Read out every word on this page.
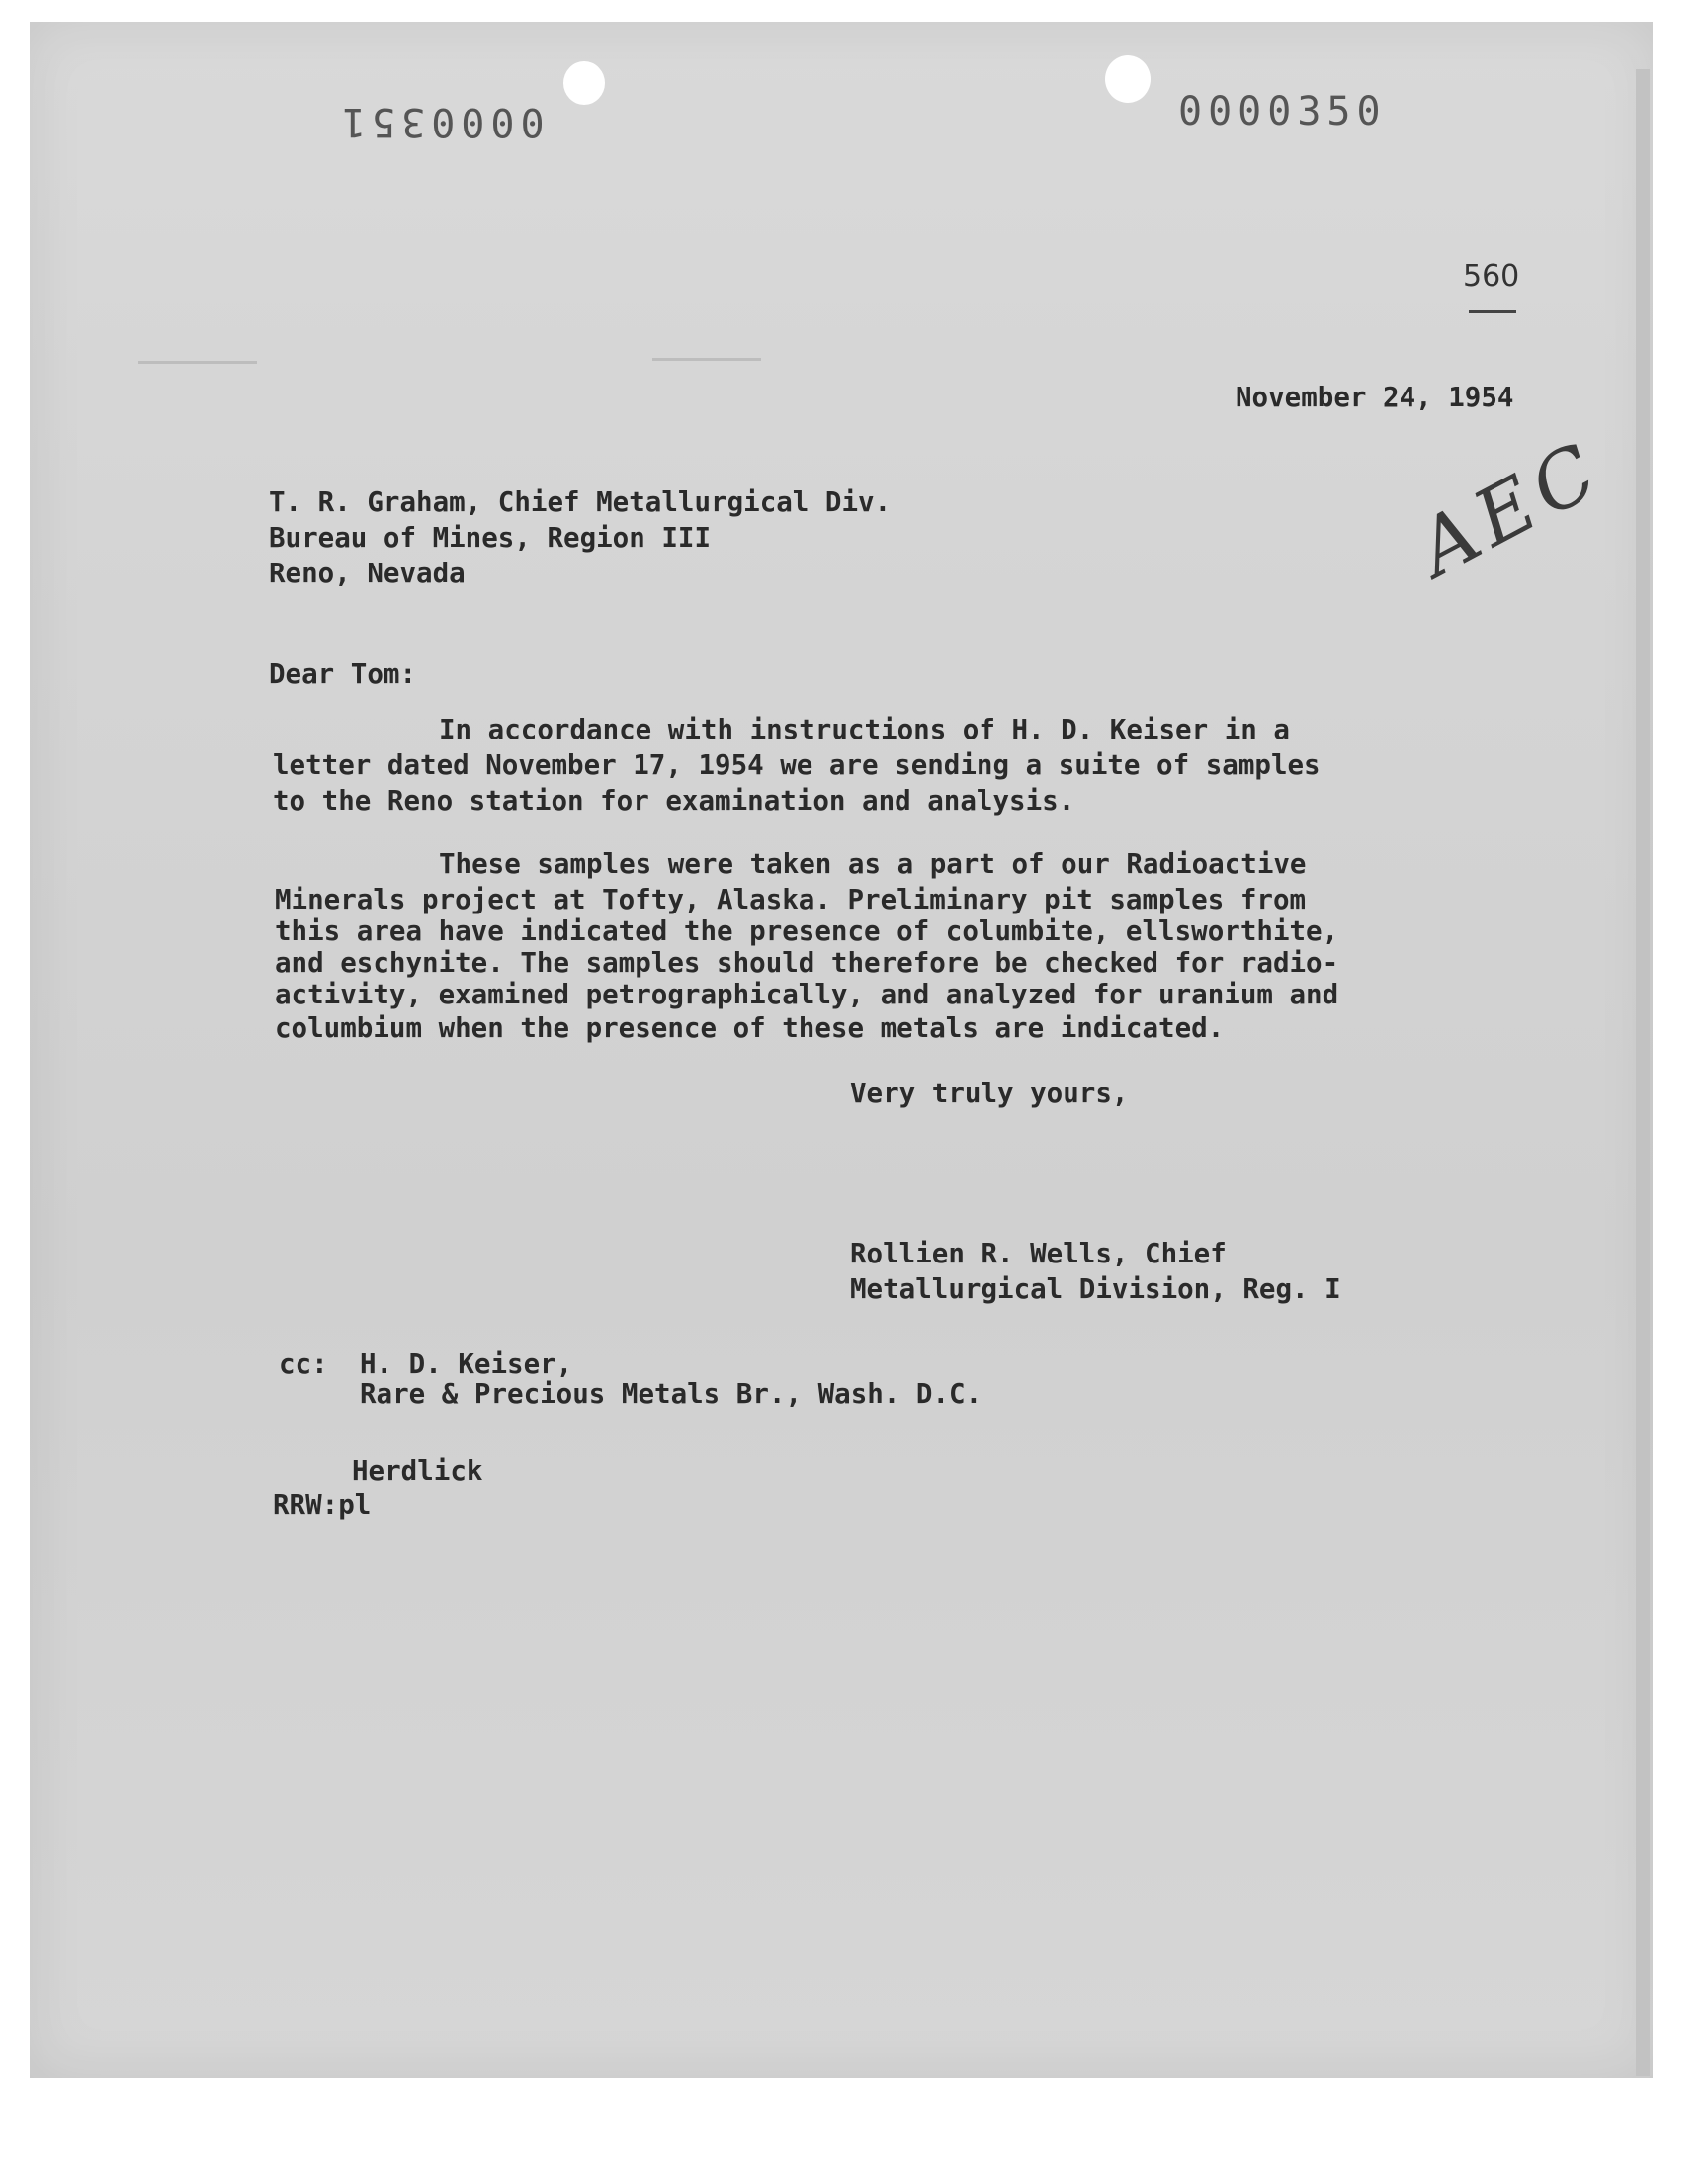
0000351	0000350
560
November 24, 1954
T. R. Graham, Chief Metallurgical Div.
Bureau of Mines, Region III
Reno, Nevada	AEC
Dear Tom:
In accordance with instructions of H. D. Keiser in a
letter dated November 17, 1954 we are sending a suite of samples
to the Reno station for examination and analysis.
These samples were taken as a part of our Radioactive
Minerals project at Tofty, Alaska. Preliminary pit samples from
this area have indicated the presence of columbite, ellsworthite,
and eschynite. The samples should therefore be checked for radio-
activity, examined petrographically, and analyzed for uranium and
columbium when the presence of these metals are indicated.
Very truly yours,
Rollien R. Wells, Chief
Metallurgical Division, Reg. I
cc: H. D. Keiser,
Rare & Precious Metals Br., Wash. D.C.
Herdlick
RRW:pl
